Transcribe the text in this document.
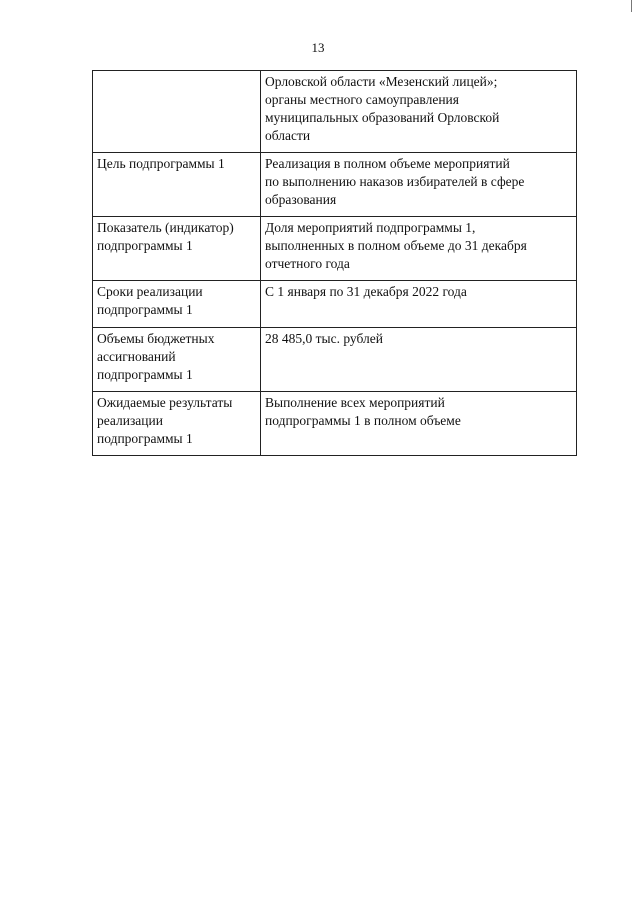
13

	Орловской области «Мезенский лицей»;
органы местного самоуправления
муниципальных образований Орловской
области

Цель подпрограммы 1	Реализация в полном объеме мероприятий
по выполнению наказов избирателей в сфере
образования

Показатель (индикатор)
подпрограммы 1	Доля мероприятий подпрограммы 1,
выполненных в полном объеме до 31 декабря
отчетного года

Сроки реализации
подпрограммы 1	С 1 января по 31 декабря 2022 года

Объемы бюджетных
ассигнований
подпрограммы 1	28 485,0 тыс. рублей

Ожидаемые результаты
реализации
подпрограммы 1	Выполнение всех мероприятий
подпрограммы 1 в полном объеме
